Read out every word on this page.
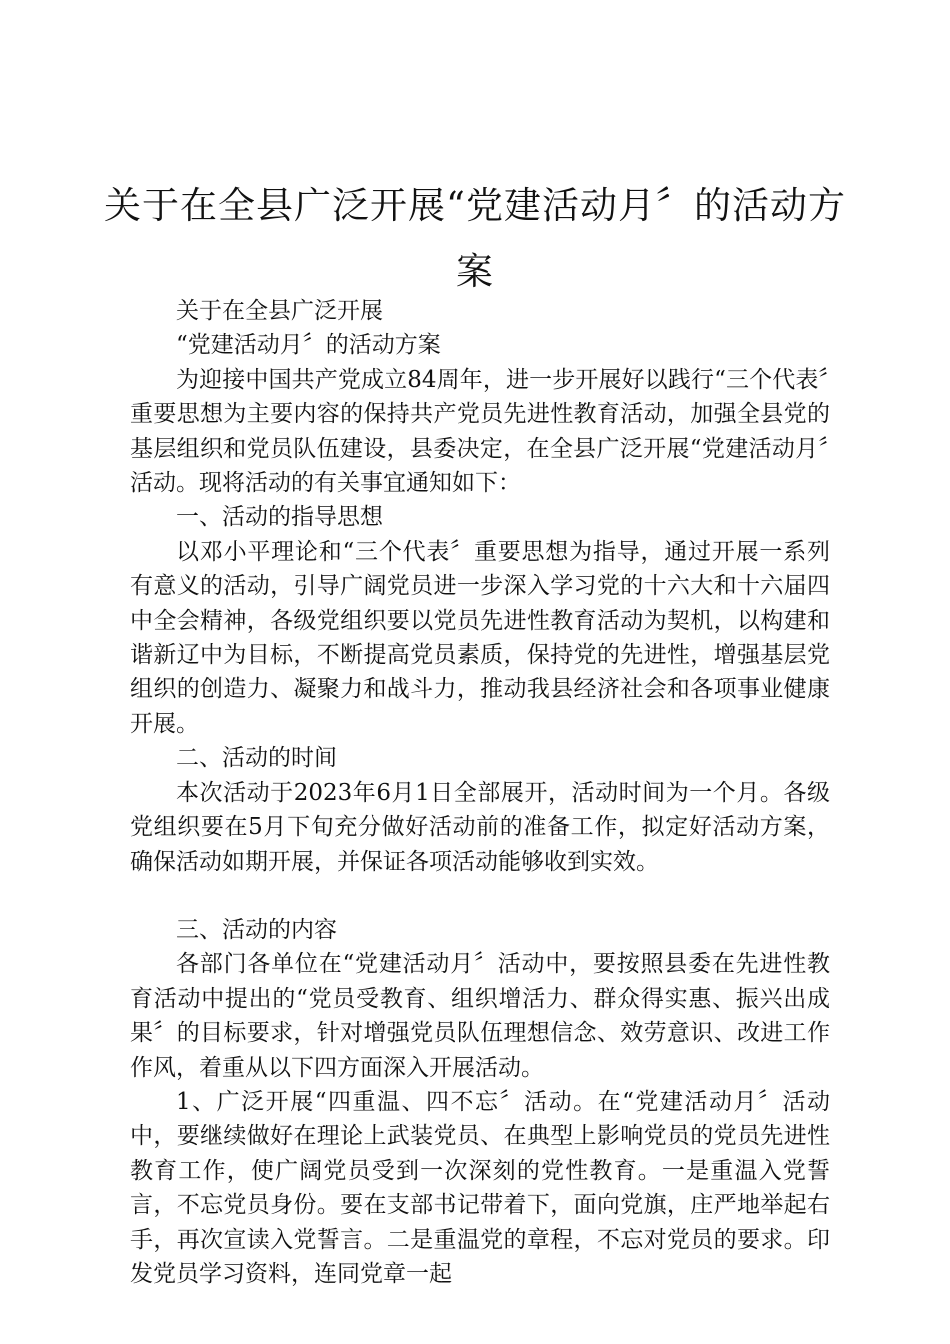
关于在全县广泛开展“党建活动月〞的活动方案

关于在全县广泛开展

“党建活动月〞的活动方案

为迎接中国共产党成立84周年，进一步开展好以践行“三个代表〞重要思想为主要内容的保持共产党员先进性教育活动，加强全县党的基层组织和党员队伍建设，县委决定，在全县广泛开展“党建活动月〞活动。现将活动的有关事宜通知如下：

一、活动的指导思想

以邓小平理论和“三个代表〞重要思想为指导，通过开展一系列有意义的活动，引导广阔党员进一步深入学习党的十六大和十六届四中全会精神，各级党组织要以党员先进性教育活动为契机，以构建和谐新辽中为目标，不断提高党员素质，保持党的先进性，增强基层党组织的创造力、凝聚力和战斗力，推动我县经济社会和各项事业健康开展。

二、活动的时间

本次活动于2023年6月1日全部展开，活动时间为一个月。各级党组织要在5月下旬充分做好活动前的准备工作，拟定好活动方案，确保活动如期开展，并保证各项活动能够收到实效。

三、活动的内容

各部门各单位在“党建活动月〞活动中，要按照县委在先进性教育活动中提出的“党员受教育、组织增活力、群众得实惠、振兴出成果〞的目标要求，针对增强党员队伍理想信念、效劳意识、改进工作作风，着重从以下四方面深入开展活动。

1、广泛开展“四重温、四不忘〞活动。在“党建活动月〞活动中，要继续做好在理论上武装党员、在典型上影响党员的党员先进性教育工作，使广阔党员受到一次深刻的党性教育。一是重温入党誓言，不忘党员身份。要在支部书记带着下，面向党旗，庄严地举起右手，再次宣读入党誓言。二是重温党的章程，不忘对党员的要求。印发党员学习资料，连同党章一起
